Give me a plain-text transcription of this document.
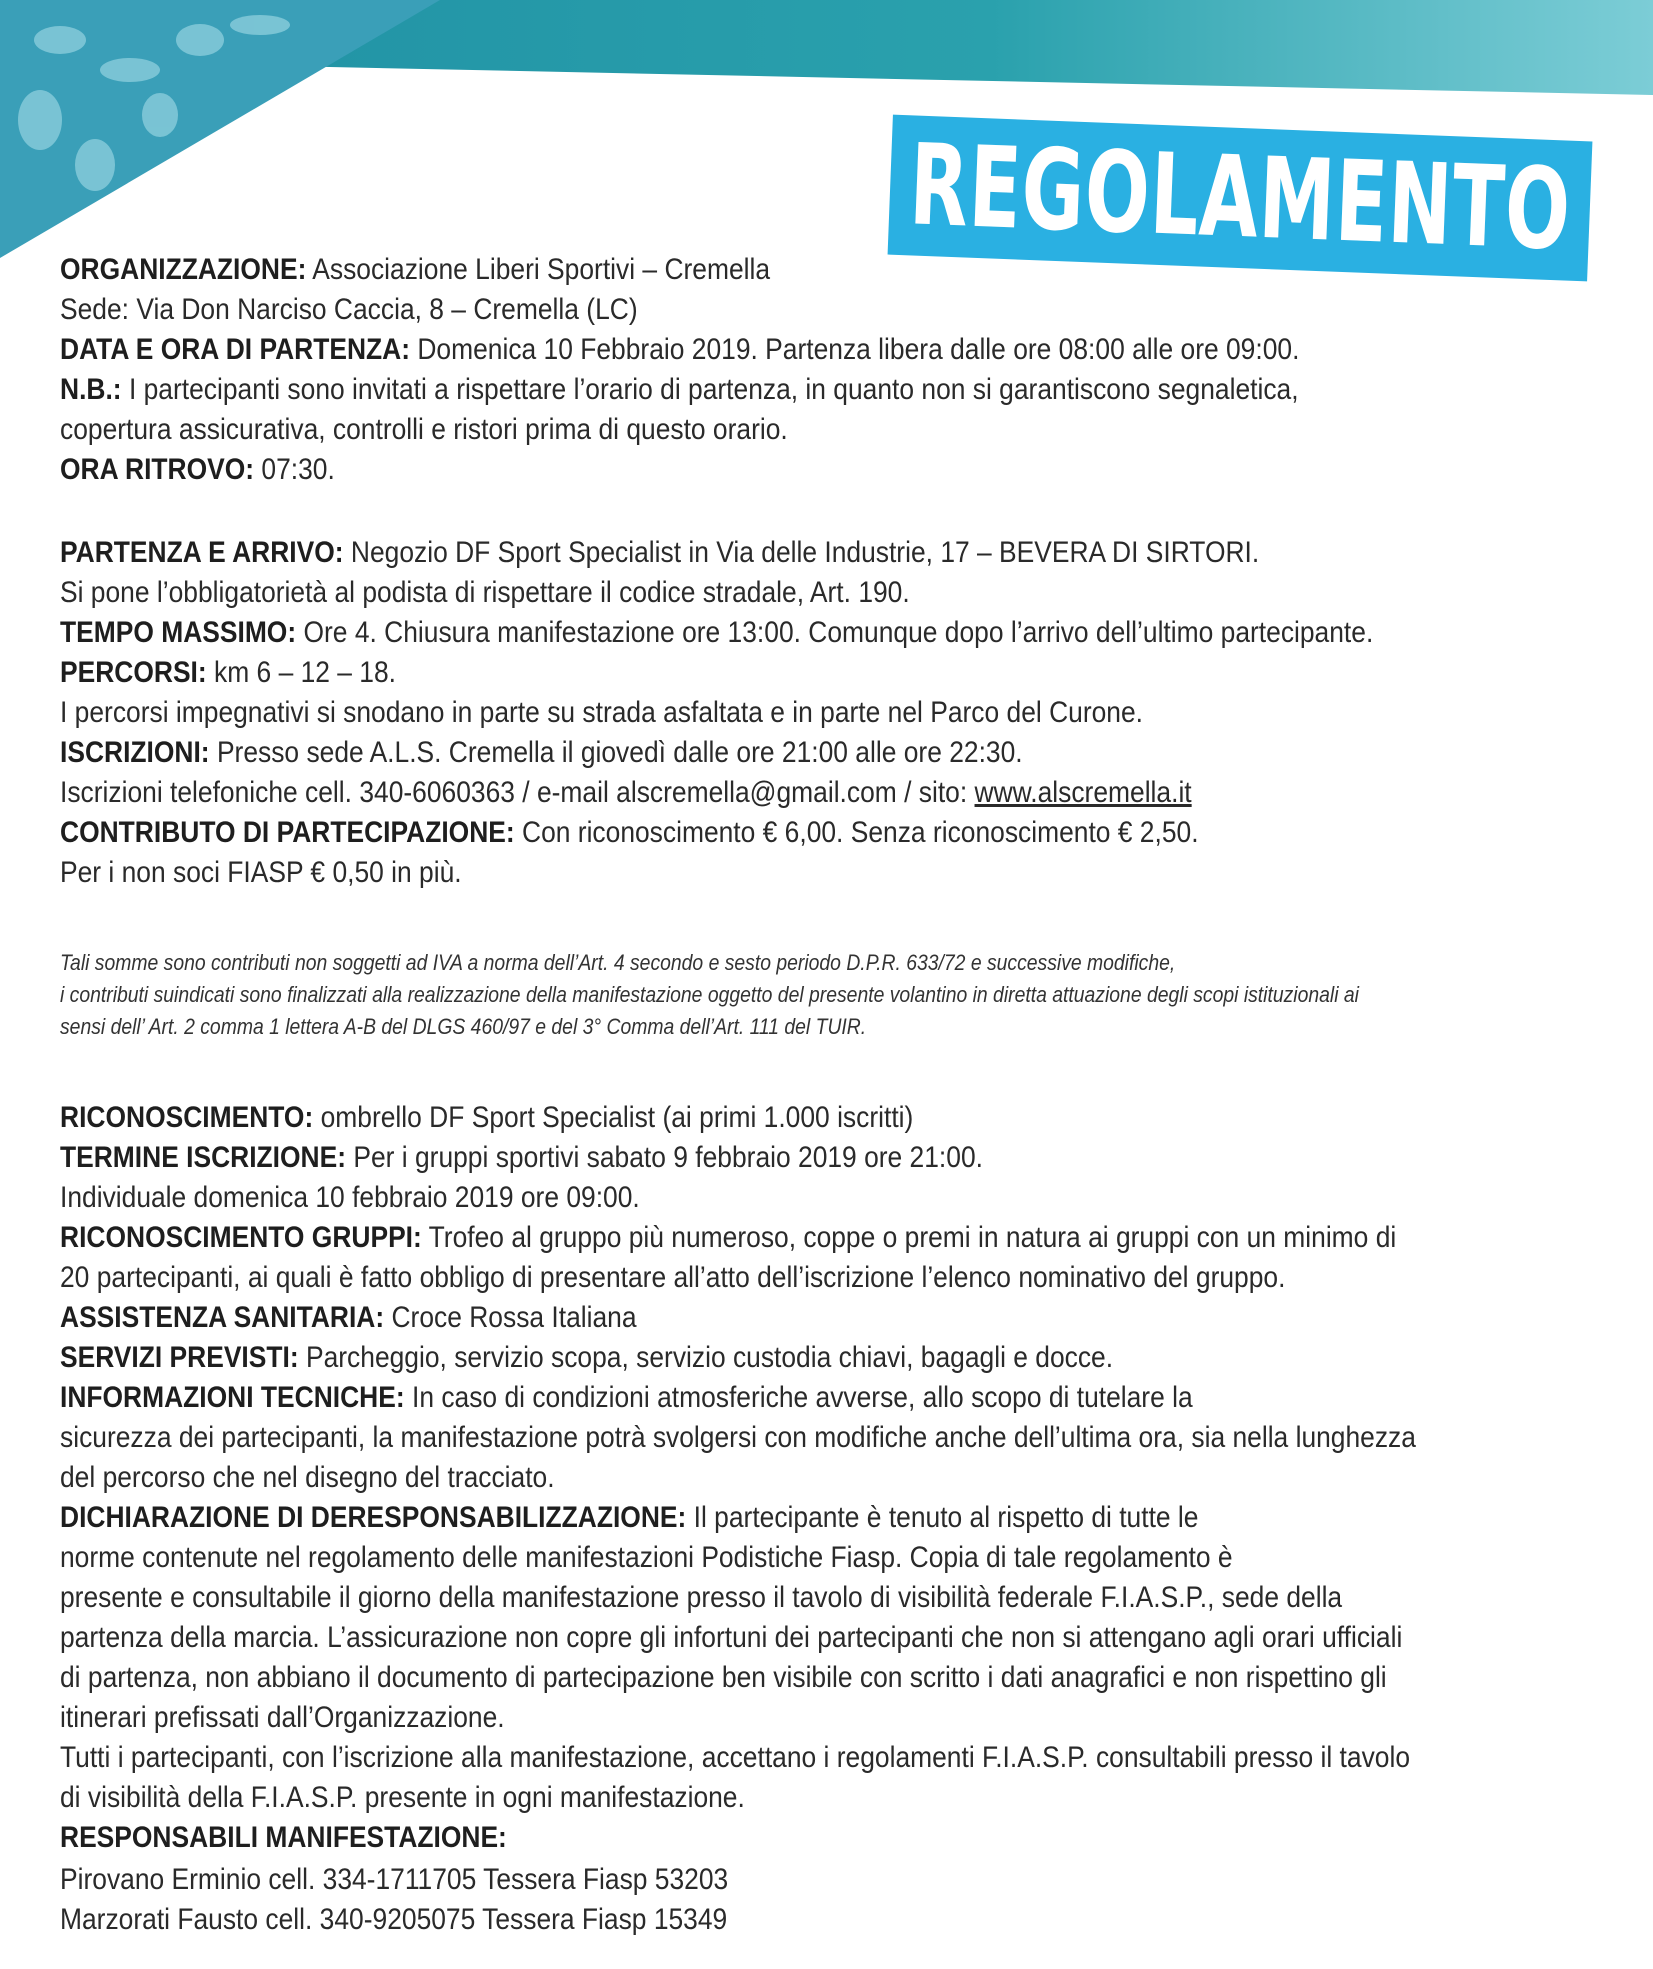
REGOLAMENTO
ORGANIZZAZIONE: Associazione Liberi Sportivi – Cremella
Sede: Via Don Narciso Caccia, 8 – Cremella (LC)
DATA E ORA DI PARTENZA: Domenica 10 Febbraio 2019. Partenza libera dalle ore 08:00 alle ore 09:00.
N.B.: I partecipanti sono invitati a rispettare l’orario di partenza, in quanto non si garantiscono segnaletica,
copertura assicurativa, controlli e ristori prima di questo orario.
ORA RITROVO: 07:30.
PARTENZA E ARRIVO: Negozio DF Sport Specialist in Via delle Industrie, 17 – BEVERA DI SIRTORI.
Si pone l’obbligatorietà al podista di rispettare il codice stradale, Art. 190.
TEMPO MASSIMO: Ore 4. Chiusura manifestazione ore 13:00. Comunque dopo l’arrivo dell’ultimo partecipante.
PERCORSI: km 6 – 12 – 18.
I percorsi impegnativi si snodano in parte su strada asfaltata e in parte nel Parco del Curone.
ISCRIZIONI: Presso sede A.L.S. Cremella il giovedì dalle ore 21:00 alle ore 22:30.
Iscrizioni telefoniche cell. 340-6060363 / e-mail alscremella@gmail.com / sito: www.alscremella.it
CONTRIBUTO DI PARTECIPAZIONE: Con riconoscimento € 6,00. Senza riconoscimento € 2,50.
Per i non soci FIASP € 0,50 in più.
Tali somme sono contributi non soggetti ad IVA a norma dell’Art. 4 secondo e sesto periodo D.P.R. 633/72 e successive modifiche,
i contributi suindicati sono finalizzati alla realizzazione della manifestazione oggetto del presente volantino in diretta attuazione degli scopi istituzionali ai
sensi dell’ Art. 2 comma 1 lettera A-B del DLGS 460/97 e del 3° Comma dell’Art. 111 del TUIR.
RICONOSCIMENTO: ombrello DF Sport Specialist (ai primi 1.000 iscritti)
TERMINE ISCRIZIONE: Per i gruppi sportivi sabato 9 febbraio 2019 ore 21:00.
Individuale domenica 10 febbraio 2019 ore 09:00.
RICONOSCIMENTO GRUPPI: Trofeo al gruppo più numeroso, coppe o premi in natura ai gruppi con un minimo di
20 partecipanti, ai quali è fatto obbligo di presentare all’atto dell’iscrizione l’elenco nominativo del gruppo.
ASSISTENZA SANITARIA: Croce Rossa Italiana
SERVIZI PREVISTI: Parcheggio, servizio scopa, servizio custodia chiavi, bagagli e docce.
INFORMAZIONI TECNICHE: In caso di condizioni atmosferiche avverse, allo scopo di tutelare la
sicurezza dei partecipanti, la manifestazione potrà svolgersi con modifiche anche dell’ultima ora, sia nella lunghezza
del percorso che nel disegno del tracciato.
DICHIARAZIONE DI DERESPONSABILIZZAZIONE: Il partecipante è tenuto al rispetto di tutte le
norme contenute nel regolamento delle manifestazioni Podistiche Fiasp. Copia di tale regolamento è
presente e consultabile il giorno della manifestazione presso il tavolo di visibilità federale F.I.A.S.P., sede della
partenza della marcia. L’assicurazione non copre gli infortuni dei partecipanti che non si attengano agli orari ufficiali
di partenza, non abbiano il documento di partecipazione ben visibile con scritto i dati anagrafici e non rispettino gli
itinerari prefissati dall’Organizzazione.
Tutti i partecipanti, con l’iscrizione alla manifestazione, accettano i regolamenti F.I.A.S.P. consultabili presso il tavolo
di visibilità della F.I.A.S.P. presente in ogni manifestazione.
RESPONSABILI MANIFESTAZIONE:
Pirovano Erminio cell. 334-1711705 Tessera Fiasp 53203
Marzorati Fausto cell. 340-9205075 Tessera Fiasp 15349
